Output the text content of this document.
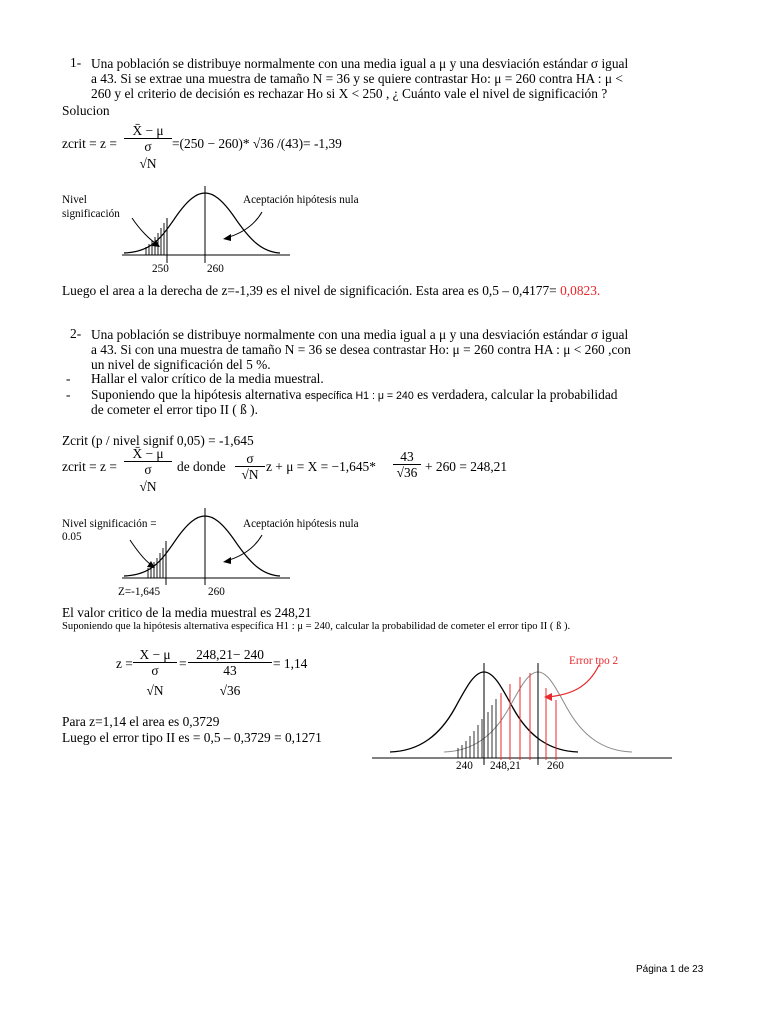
1- Una población se distribuye normalmente con una media igual a μ y una desviación estándar σ igual
a 43. Si se extrae una muestra de tamaño N = 36 y se quiere contrastar Ho: μ = 260 contra HA : μ <
260 y el criterio de decisión es rechazar Ho si X < 250 , ¿ Cuánto vale el nivel de significación ?
Solucion
zcrit = z =
X̄ − μ
σ
√N
=(250 − 260)* √36 /(43)= -1,39
Nivel
significación
Aceptación hipótesis nula
250	260
Luego el area a la derecha de z=-1,39 es el nivel de significación. Esta area es 0,5 – 0,4177= 0,0823.
2- Una población se distribuye normalmente con una media igual a μ y una desviación estándar σ igual
a 43. Si con una muestra de tamaño N = 36 se desea contrastar Ho: μ = 260 contra HA : μ < 260 ,con
un nivel de significación del 5 %.
- Hallar el valor crítico de la media muestral.
- Suponiendo que la hipótesis alternativa específica H1 : μ = 240 es verdadera, calcular la probabilidad
de cometer el error tipo II ( ß ).
Zcrit (p / nivel signif 0,05) = -1,645
zcrit = z =
X̄ − μ
σ
√N
de donde
σ
√N
z + μ = X = −1,645*
43
√36 + 260 = 248,21
Nivel significación =
0.05
Aceptación hipótesis nula
Z=-1,645	260
El valor critico de la media muestral es 248,21
Suponiendo que la hipótesis alternativa específica H1 : μ = 240, calcular la probabilidad de cometer el error tipo II ( ß ).
z =
X − μ
σ
√N
=
248,21− 240
43
√36
= 1,14
Para z=1,14 el area es 0,3729
Luego el error tipo II es = 0,5 – 0,3729 = 0,1271
Error tpo 2
240 248,21 260
Página 1 de 23
